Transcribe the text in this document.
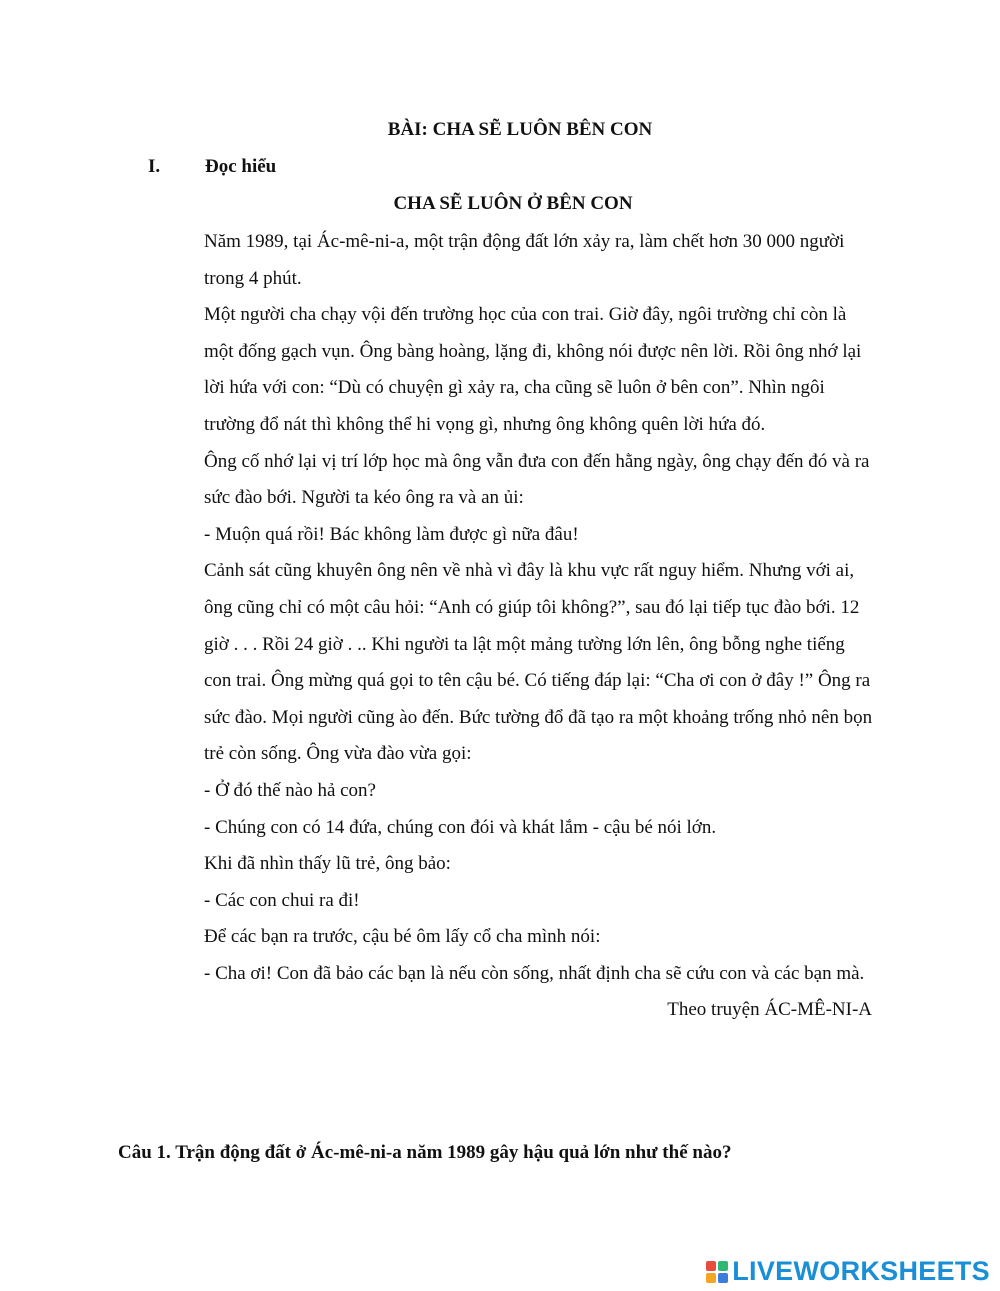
BÀI: CHA SẼ LUÔN BÊN CON
I. Đọc hiểu
CHA SẼ LUÔN Ở BÊN CON

Năm 1989, tại Ác-mê-ni-a, một trận động đất lớn xảy ra, làm chết hơn 30 000 người trong 4 phút.

Một người cha chạy vội đến trường học của con trai. Giờ đây, ngôi trường chỉ còn là một đống gạch vụn. Ông bàng hoàng, lặng đi, không nói được nên lời. Rồi ông nhớ lại lời hứa với con: “Dù có chuyện gì xảy ra, cha cũng sẽ luôn ở bên con”. Nhìn ngôi trường đổ nát thì không thể hi vọng gì, nhưng ông không quên lời hứa đó.

Ông cố nhớ lại vị trí lớp học mà ông vẫn đưa con đến hằng ngày, ông chạy đến đó và ra sức đào bới. Người ta kéo ông ra và an ủi:

- Muộn quá rồi! Bác không làm được gì nữa đâu!

Cảnh sát cũng khuyên ông nên về nhà vì đây là khu vực rất nguy hiểm. Nhưng với ai, ông cũng chỉ có một câu hỏi: “Anh có giúp tôi không?”, sau đó lại tiếp tục đào bới. 12 giờ . . . Rồi 24 giờ . .. Khi người ta lật một mảng tường lớn lên, ông bỗng nghe tiếng con trai. Ông mừng quá gọi to tên cậu bé. Có tiếng đáp lại: “Cha ơi con ở đây !” Ông ra sức đào. Mọi người cũng ào đến. Bức tường đổ đã tạo ra một khoảng trống nhỏ nên bọn trẻ còn sống. Ông vừa đào vừa gọi:

- Ở đó thế nào hả con?

- Chúng con có 14 đứa, chúng con đói và khát lắm - cậu bé nói lớn.

Khi đã nhìn thấy lũ trẻ, ông bảo:

- Các con chui ra đi!

Để các bạn ra trước, cậu bé ôm lấy cổ cha mình nói:

- Cha ơi! Con đã bảo các bạn là nếu còn sống, nhất định cha sẽ cứu con và các bạn mà.

Theo truyện ÁC-MÊ-NI-A

Câu 1. Trận động đất ở Ác-mê-ni-a năm 1989 gây hậu quả lớn như thế nào?
LIVEWORKSHEETS
